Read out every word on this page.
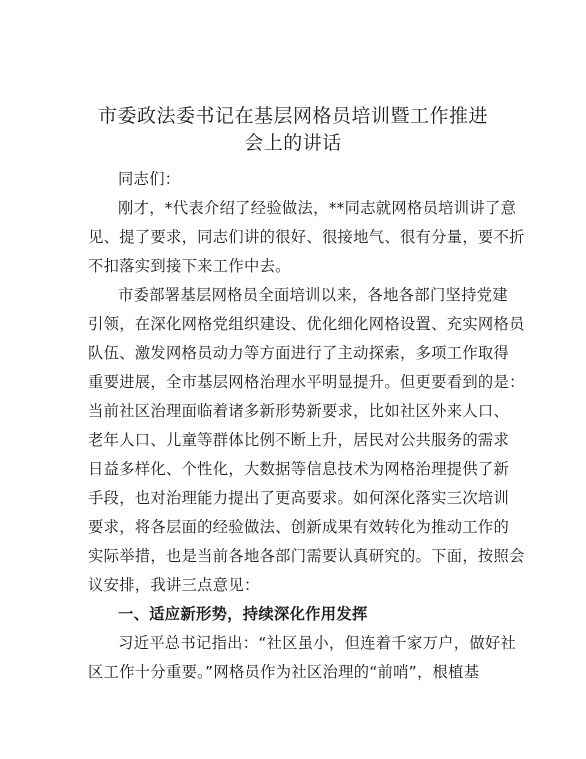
市委政法委书记在基层网格员培训暨工作推进
会上的讲话
同志们：
刚才，*代表介绍了经验做法，**同志就网格员培训讲了意
见、提了要求，同志们讲的很好、很接地气、很有分量，要不折
不扣落实到接下来工作中去。
市委部署基层网格员全面培训以来，各地各部门坚持党建
引领，在深化网格党组织建设、优化细化网格设置、充实网格员
队伍、激发网格员动力等方面进行了主动探索，多项工作取得
重要进展，全市基层网格治理水平明显提升。但更要看到的是：
当前社区治理面临着诸多新形势新要求，比如社区外来人口、
老年人口、儿童等群体比例不断上升，居民对公共服务的需求
日益多样化、个性化，大数据等信息技术为网格治理提供了新
手段，也对治理能力提出了更高要求。如何深化落实三次培训
要求，将各层面的经验做法、创新成果有效转化为推动工作的
实际举措，也是当前各地各部门需要认真研究的。下面，按照会
议安排，我讲三点意见：
一、适应新形势，持续深化作用发挥
习近平总书记指出：“社区虽小，但连着千家万户，做好社
区工作十分重要。”网格员作为社区治理的“前哨”，根植基
